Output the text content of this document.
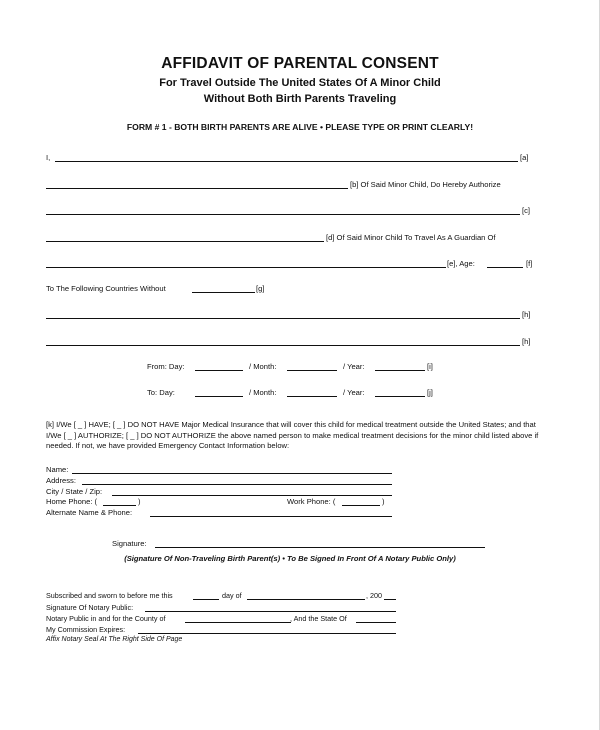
AFFIDAVIT OF PARENTAL CONSENT
For Travel Outside The United States Of A Minor Child
Without Both Birth Parents Traveling
FORM # 1 - BOTH BIRTH PARENTS ARE ALIVE • PLEASE TYPE OR PRINT CLEARLY!
I,	[a]
[b] Of Said Minor Child, Do Hereby Authorize
[c]
[d] Of Said Minor Child To Travel As A Guardian Of
[e], Age:	[f]
To The Following Countries Without	[g]
[h]
[h]
From: Day:	/ Month:	/ Year:	[i]
To: Day:	/ Month:	/ Year:	[j]
[k] I/We [ _ ] HAVE; [ _ ] DO NOT HAVE Major Medical Insurance that will cover this child for medical treatment outside the United States; and that I/We [ _ ] AUTHORIZE; [ _ ] DO NOT AUTHORIZE the above named person to make medical treatment decisions for the minor child listed above if needed. If not, we have provided Emergency Contact Information below:
Name:
Address:
City / State / Zip:
Home Phone: (	)	Work Phone: (	)
Alternate Name & Phone:
Signature:
(Signature Of Non-Traveling Birth Parent(s) • To Be Signed In Front Of A Notary Public Only)
Subscribed and sworn to before me this	day of	, 200
Signature Of Notary Public:
Notary Public in and for the County of	, And the State Of
My Commission Expires:
Affix Notary Seal At The Right Side Of Page
